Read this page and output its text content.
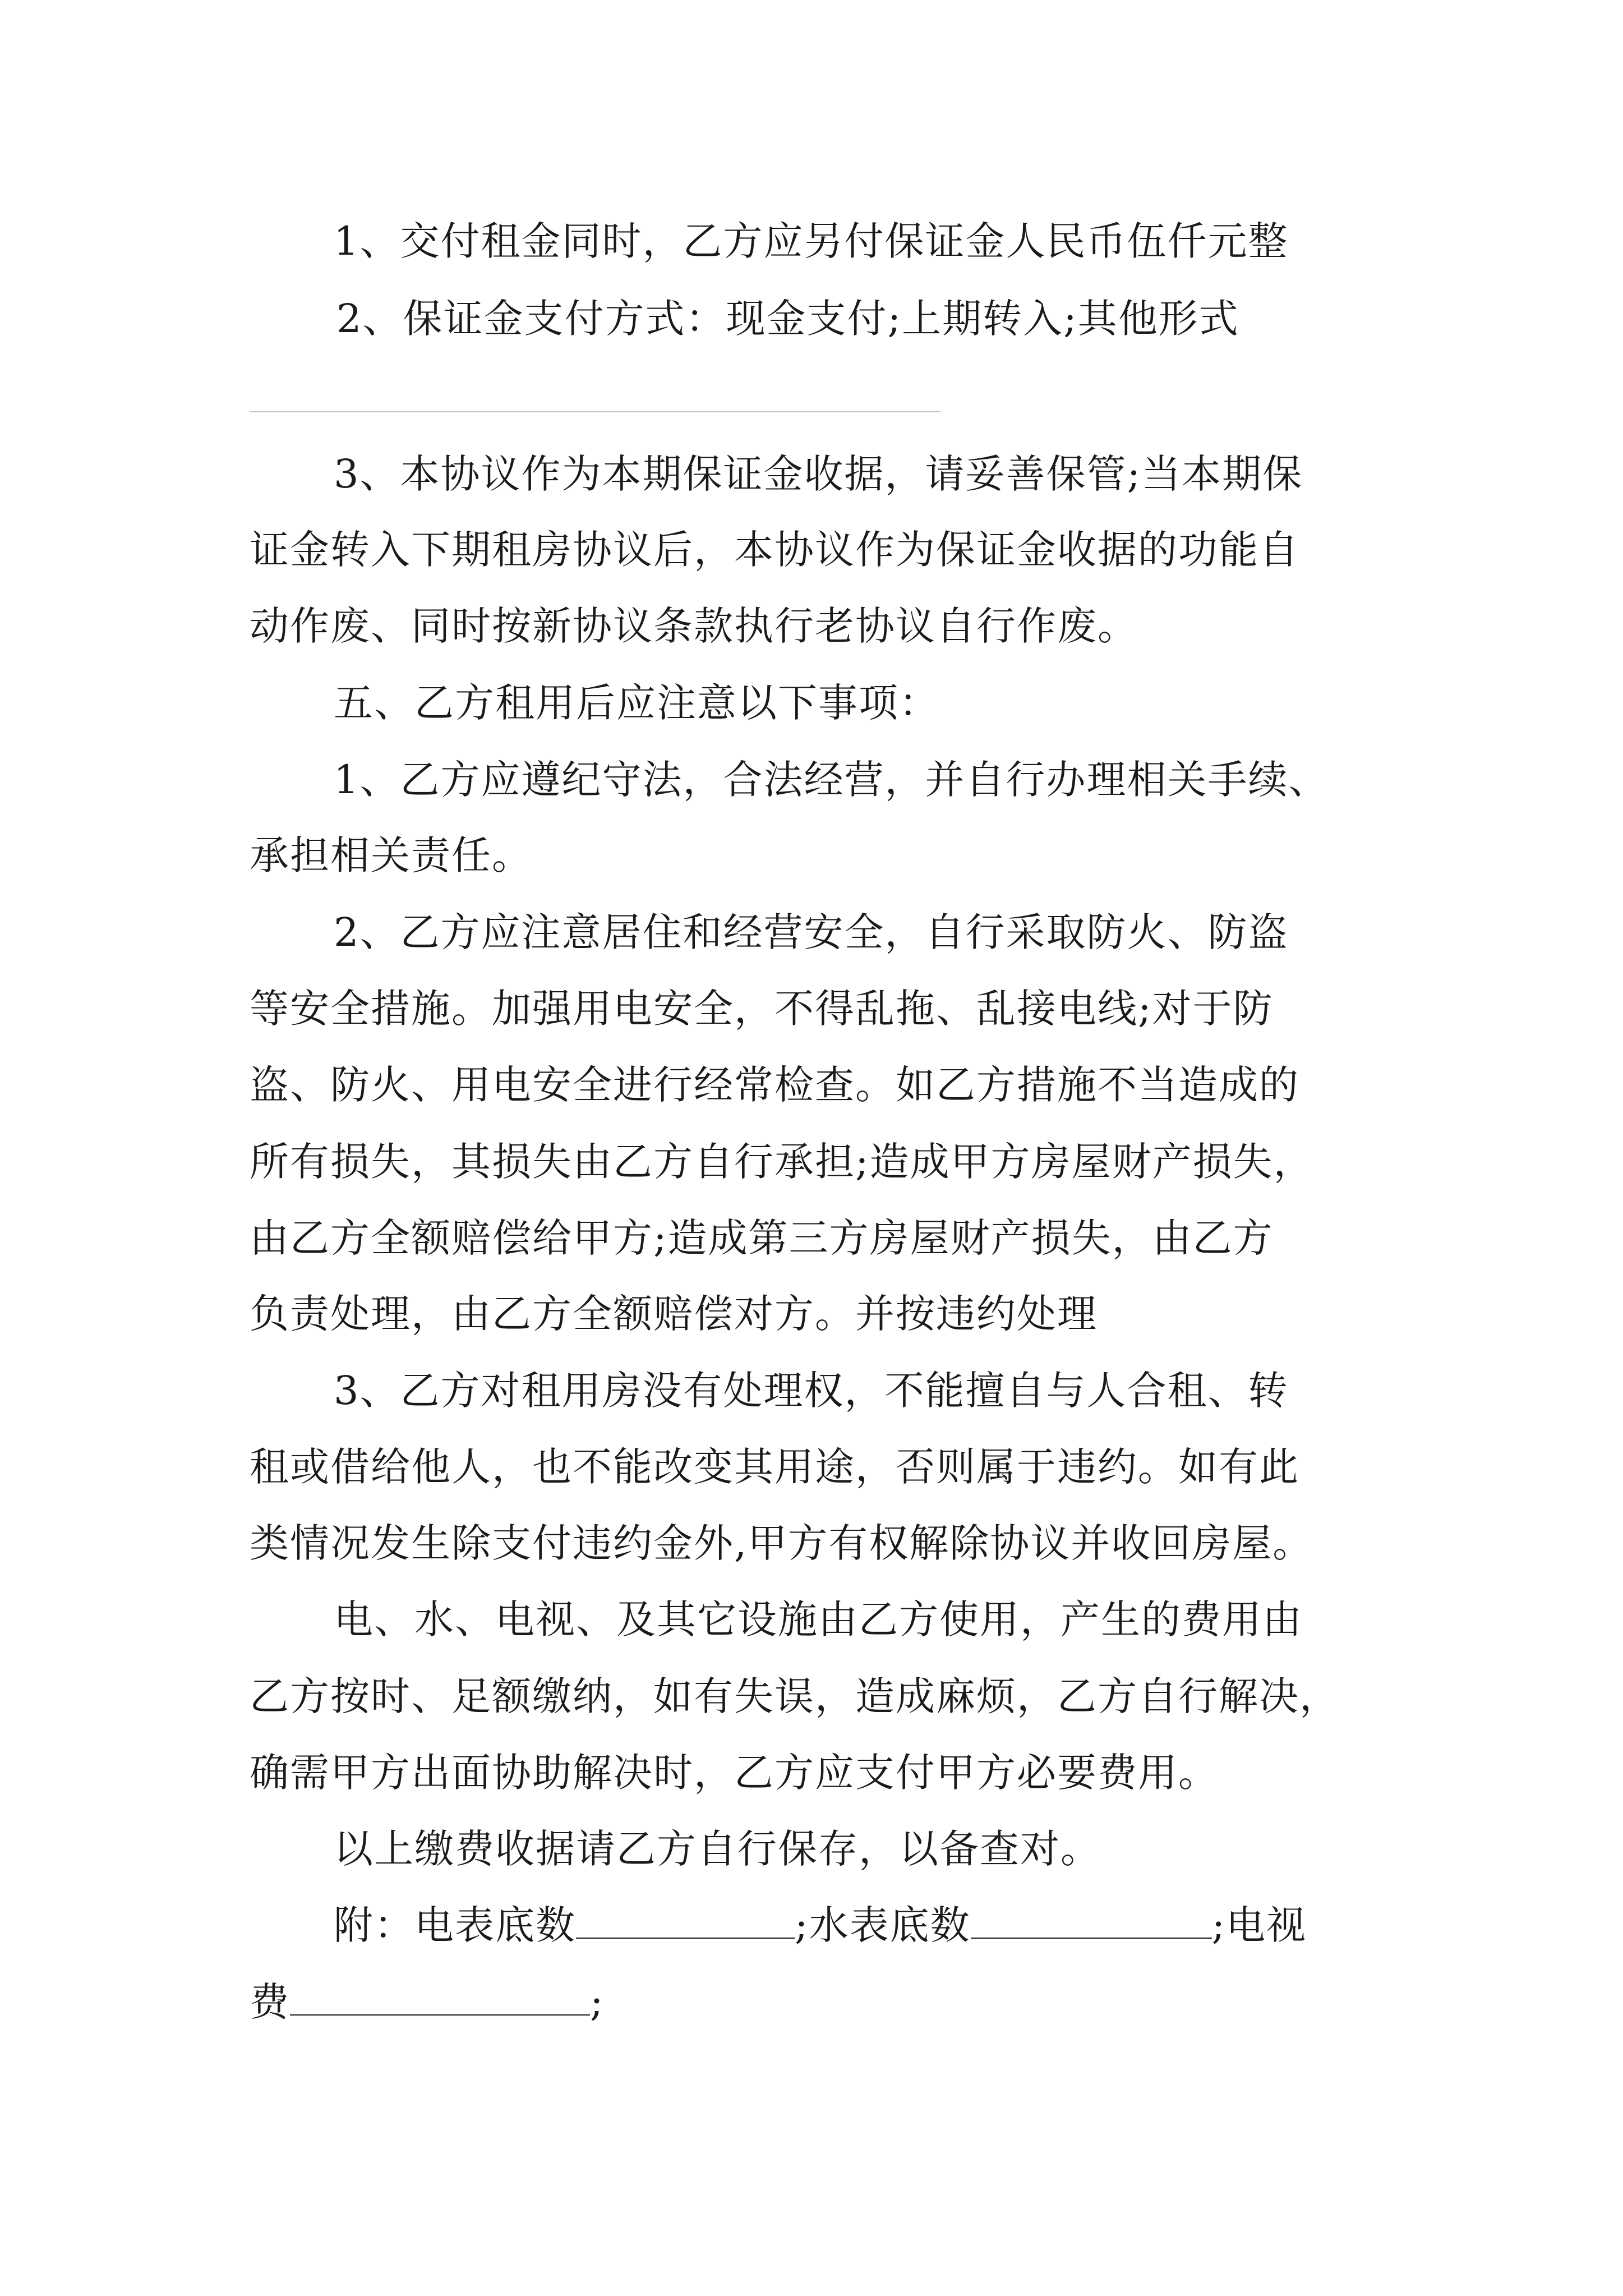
1、交付租金同时，乙方应另付保证金人民币伍仟元整
2、保证金支付方式：现金支付;上期转入;其他形式
3、本协议作为本期保证金收据，请妥善保管;当本期保
证金转入下期租房协议后，本协议作为保证金收据的功能自
动作废、同时按新协议条款执行老协议自行作废。
五、乙方租用后应注意以下事项：
1、乙方应遵纪守法，合法经营，并自行办理相关手续、
承担相关责任。
2、乙方应注意居住和经营安全，自行采取防火、防盗
等安全措施。加强用电安全，不得乱拖、乱接电线;对于防
盗、防火、用电安全进行经常检查。如乙方措施不当造成的
所有损失，其损失由乙方自行承担;造成甲方房屋财产损失，
由乙方全额赔偿给甲方;造成第三方房屋财产损失，由乙方
负责处理，由乙方全额赔偿对方。并按违约处理
3、乙方对租用房没有处理权，不能擅自与人合租、转
租或借给他人，也不能改变其用途，否则属于违约。如有此
类情况发生除支付违约金外,甲方有权解除协议并收回房屋。
电、水、电视、及其它设施由乙方使用，产生的费用由
乙方按时、足额缴纳，如有失误，造成麻烦，乙方自行解决，
确需甲方出面协助解决时，乙方应支付甲方必要费用。
以上缴费收据请乙方自行保存，以备查对。
附：电表底数	;水表底数	;电视
费	;
